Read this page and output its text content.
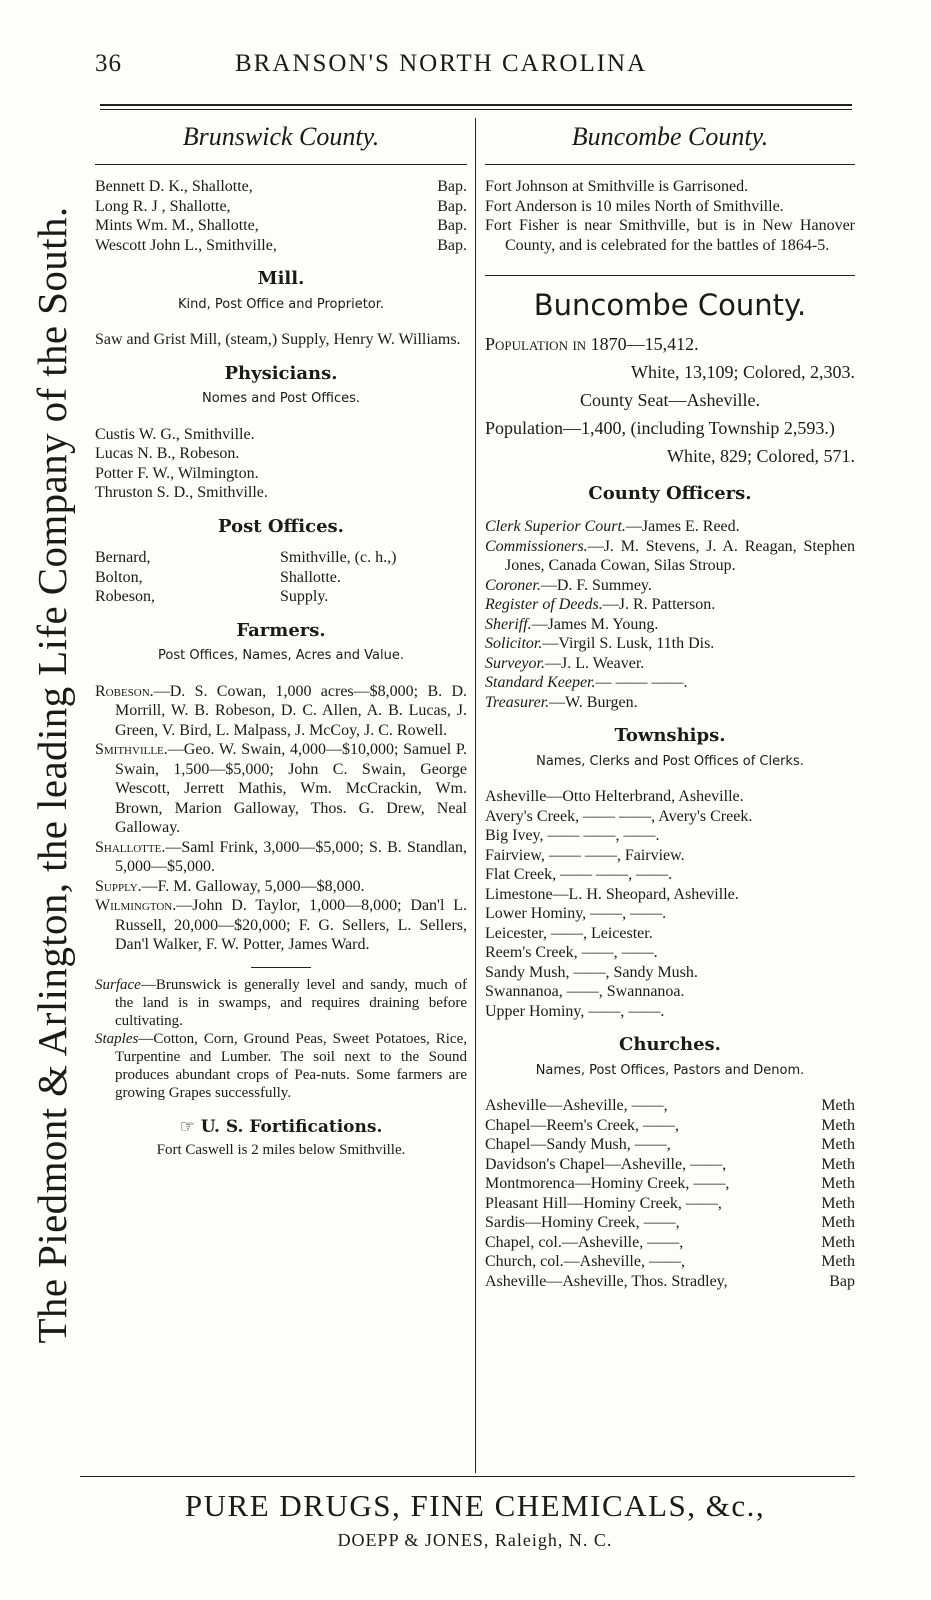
36	BRANSON'S NORTH CAROLINA
The Piedmont & Arlington, the leading Life Company of the South.
Brunswick County.
Bennett D. K., Shallotte,	Bap.
Long R. J , Shallotte,	Bap.
Mints Wm. M., Shallotte,	Bap.
Wescott John L., Smithville,	Bap.
Mill.
Kind, Post Office and Proprietor.
Saw and Grist Mill, (steam,) Supply, Henry W. Williams.
Physicians.
Nomes and Post Offices.
Custis W. G., Smithville.
Lucas N. B., Robeson.
Potter F. W., Wilmington.
Thruston S. D., Smithville.
Post Offices.
Bernard,	Smithville, (c. h.,)
Bolton,	Shallotte.
Robeson,	Supply.
Farmers.
Post Offices, Names, Acres and Value.
Robeson.—D. S. Cowan, 1,000 acres—$8,000; B. D. Morrill, W. B. Robeson, D. C. Allen, A. B. Lucas, J. Green, V. Bird, L. Malpass, J. McCoy, J. C. Rowell.
Smithville.—Geo. W. Swain, 4,000—$10,000; Samuel P. Swain, 1,500—$5,000; John C. Swain, George Wescott, Jerrett Mathis, Wm. McCrackin, Wm. Brown, Marion Galloway, Thos. G. Drew, Neal Galloway.
Shallotte.—Saml Frink, 3,000—$5,000; S. B. Standlan, 5,000—$5,000.
Supply.—F. M. Galloway, 5,000—$8,000.
Wilmington.—John D. Taylor, 1,000—8,000; Dan'l L. Russell, 20,000—$20,000; F. G. Sellers, L. Sellers, Dan'l Walker, F. W. Potter, James Ward.
Surface—Brunswick is generally level and sandy, much of the land is in swamps, and requires draining before cultivating.
Staples—Cotton, Corn, Ground Peas, Sweet Potatoes, Rice, Turpentine and Lumber. The soil next to the Sound produces abundant crops of Pea-nuts. Some farmers are growing Grapes successfully.
☞ U. S. Fortifications.
Fort Caswell is 2 miles below Smithville.
Buncombe County.
Fort Johnson at Smithville is Garrisoned.
Fort Anderson is 10 miles North of Smithville.
Fort Fisher is near Smithville, but is in New Hanover County, and is celebrated for the battles of 1864-5.
Buncombe County.
Population in 1870—15,412.
White, 13,109; Colored, 2,303.
County Seat—Asheville.
Population—1,400, (including Township 2,593.)
White, 829; Colored, 571.
County Officers.
Clerk Superior Court.—James E. Reed.
Commissioners.—J. M. Stevens, J. A. Reagan, Stephen Jones, Canada Cowan, Silas Stroup.
Coroner.—D. F. Summey.
Register of Deeds.—J. R. Patterson.
Sheriff.—James M. Young.
Solicitor.—Virgil S. Lusk, 11th Dis.
Surveyor.—J. L. Weaver.
Standard Keeper.— —— ——.
Treasurer.—W. Burgen.
Townships.
Names, Clerks and Post Offices of Clerks.
Asheville—Otto Helterbrand, Asheville.
Avery's Creek, —— ——, Avery's Creek.
Big Ivey, —— ——, ——.
Fairview, —— ——, Fairview.
Flat Creek, —— ——, ——.
Limestone—L. H. Sheopard, Asheville.
Lower Hominy, ——, ——.
Leicester, ——, Leicester.
Reem's Creek, ——, ——.
Sandy Mush, ——, Sandy Mush.
Swannanoa, ——, Swannanoa.
Upper Hominy, ——, ——.
Churches.
Names, Post Offices, Pastors and Denom.
Asheville—Asheville, ——,	Meth
Chapel—Reem's Creek, ——,	Meth
Chapel—Sandy Mush, ——,	Meth
Davidson's Chapel—Asheville, ——,	Meth
Montmorenca—Hominy Creek, ——,	Meth
Pleasant Hill—Hominy Creek, ——,	Meth
Sardis—Hominy Creek, ——,	Meth
Chapel, col.—Asheville, ——,	Meth
Church, col.—Asheville, ——,	Meth
Asheville—Asheville, Thos. Stradley,	Bap
PURE DRUGS, FINE CHEMICALS, &c.,
DOEPP & JONES, Raleigh, N. C.
